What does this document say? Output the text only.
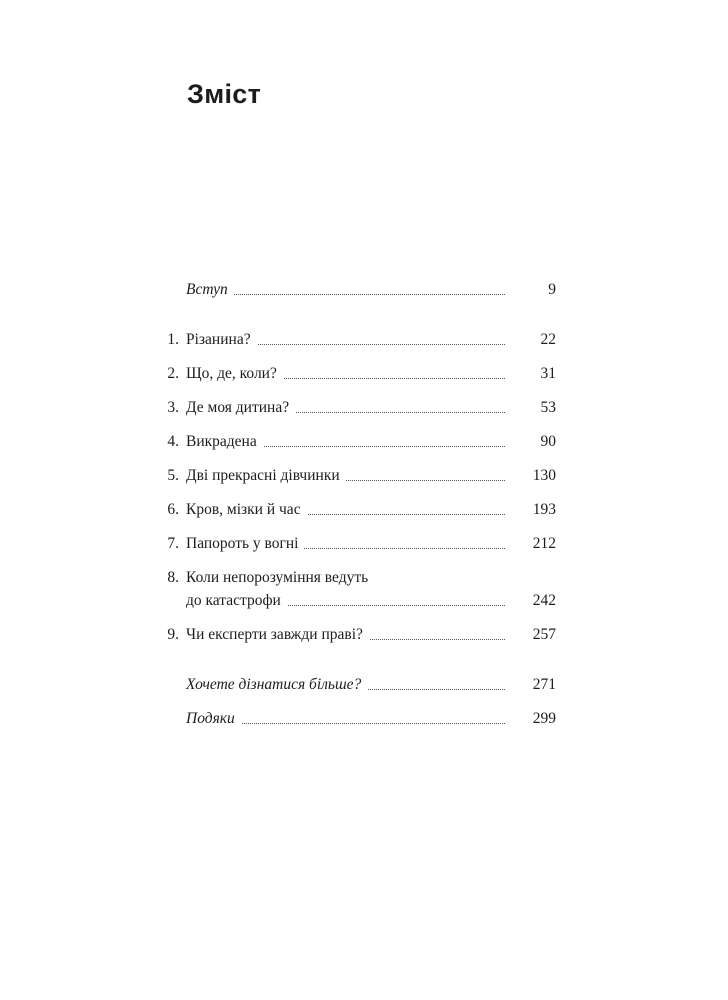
Зміст
Вступ	9
1. Різанина?	22
2. Що, де, коли?	31
3. Де моя дитина?	53
4. Викрадена	90
5. Дві прекрасні дівчинки	130
6. Кров, мізки й час	193
7. Папороть у вогні	212
8. Коли непорозуміння ведуть
до катастрофи	242
9. Чи експерти завжди праві?	257
Хочете дізнатися більше?	271
Подяки	299
